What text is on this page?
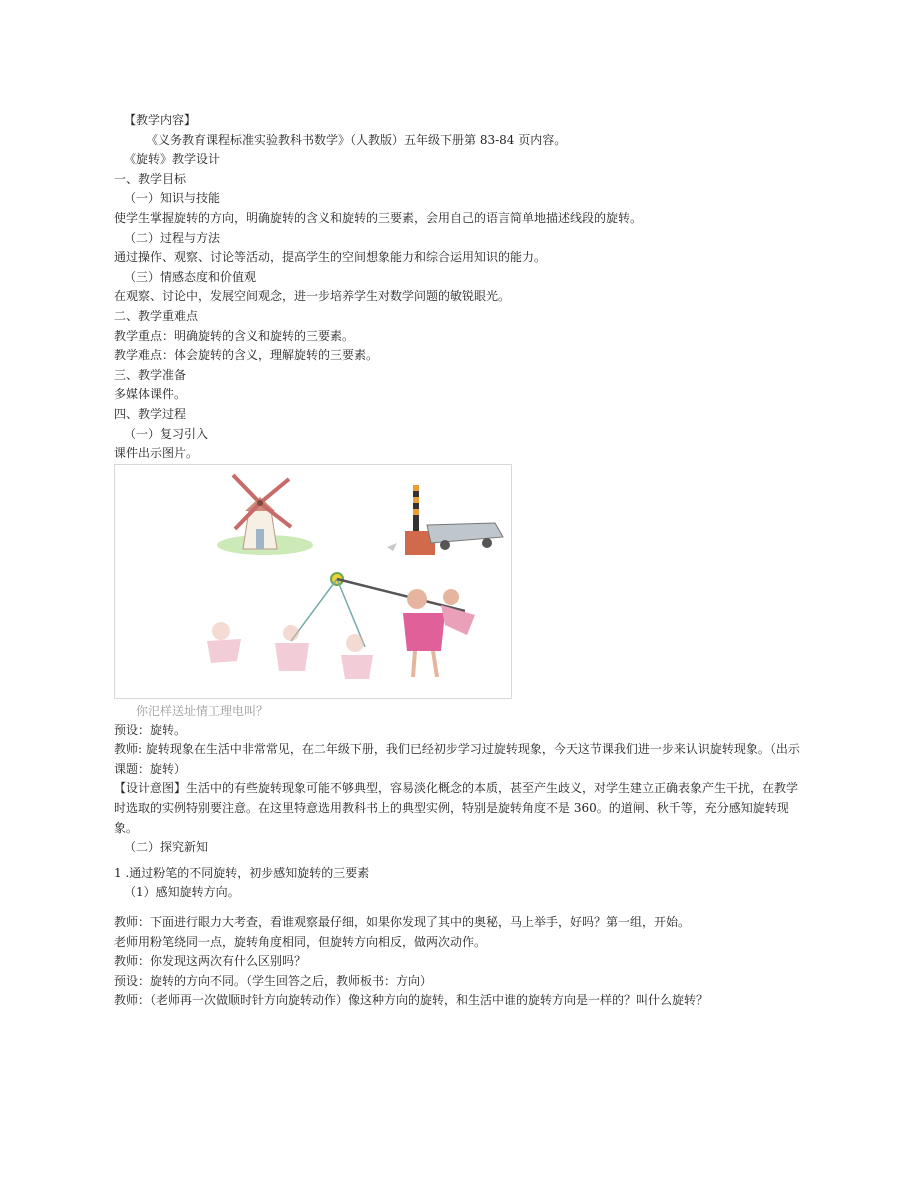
【教学内容】
《义务教育课程标准实验教科书数学》（人教版）五年级下册第 83-84 页内容。
《旋转》教学设计
一、教学目标
（一）知识与技能
使学生掌握旋转的方向，明确旋转的含义和旋转的三要素，会用自己的语言简单地描述线段的旋转。
（二）过程与方法
通过操作、观察、讨论等活动，提高学生的空间想象能力和综合运用知识的能力。
（三）情感态度和价值观
在观察、讨论中，发展空间观念，进一步培养学生对数学问题的敏锐眼光。
二、教学重难点
教学重点：明确旋转的含义和旋转的三要素。
教学难点：体会旋转的含义，理解旋转的三要素。
三、教学准备
多媒体课件。
四、教学过程
（一）复习引入
课件出示图片。
你汜样送址情工理电叫？
预设：旋转。
教师: 旋转现象在生活中非常常见，在二年级下册，我们已经初步学习过旋转现象，今天这节课我们进一步来认识旋转现象。（出示课题：旋转）
【设计意图】生活中的有些旋转现象可能不够典型，容易淡化概念的本质，甚至产生歧义，对学生建立正确表象产生干扰，在教学时选取的实例特别要注意。在这里特意选用教科书上的典型实例，特别是旋转角度不是 360。的道闸、秋千等，充分感知旋转现象。
（二）探究新知
1 .通过粉笔的不同旋转，初步感知旋转的三要素
（1）感知旋转方向。
教师：下面进行眼力大考查，看谁观察最仔细，如果你发现了其中的奥秘，马上举手，好吗？第一组，开始。
老师用粉笔绕同一点，旋转角度相同，但旋转方向相反，做两次动作。
教师：你发现这两次有什么区别吗？
预设：旋转的方向不同。（学生回答之后，教师板书：方向）
教师：（老师再一次做顺时针方向旋转动作）像这种方向的旋转，和生活中谁的旋转方向是一样的？叫什么旋转？
